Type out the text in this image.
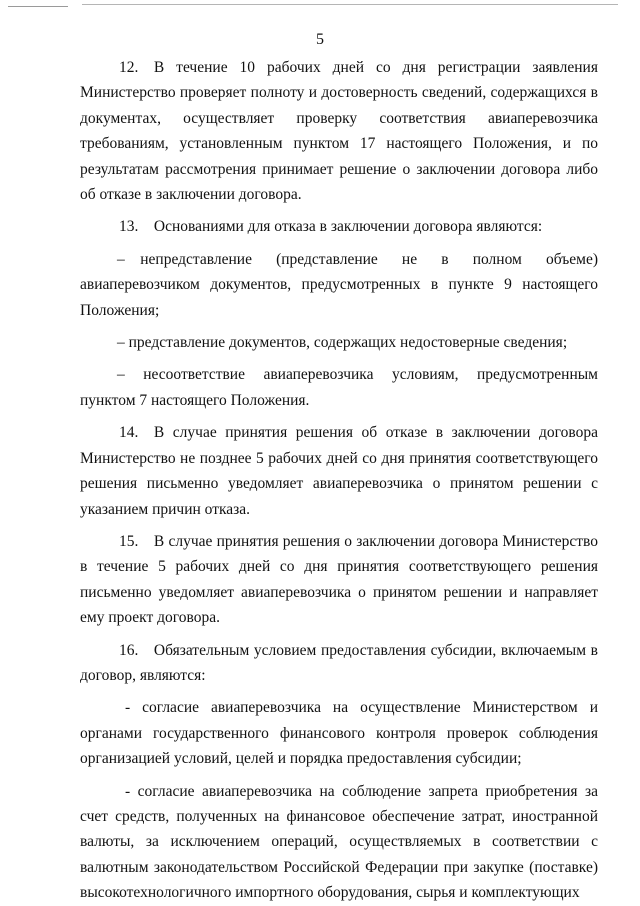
5

12. В течение 10 рабочих дней со дня регистрации заявления Министерство проверяет полноту и достоверность сведений, содержащихся в документах, осуществляет проверку соответствия авиаперевозчика требованиям, установленным пунктом 17 настоящего Положения, и по результатам рассмотрения принимает решение о заключении договора либо об отказе в заключении договора.

13. Основаниями для отказа в заключении договора являются:

– непредставление (представление не в полном объеме) авиаперевозчиком документов, предусмотренных в пункте 9 настоящего Положения;

– представление документов, содержащих недостоверные сведения;

– несоответствие авиаперевозчика условиям, предусмотренным пунктом 7 настоящего Положения.

14. В случае принятия решения об отказе в заключении договора Министерство не позднее 5 рабочих дней со дня принятия соответствующего решения письменно уведомляет авиаперевозчика о принятом решении с указанием причин отказа.

15. В случае принятия решения о заключении договора Министерство в течение 5 рабочих дней со дня принятия соответствующего решения письменно уведомляет авиаперевозчика о принятом решении и направляет ему проект договора.

16. Обязательным условием предоставления субсидии, включаемым в договор, являются:

- согласие авиаперевозчика на осуществление Министерством и органами государственного финансового контроля проверок соблюдения организацией условий, целей и порядка предоставления субсидии;

- согласие авиаперевозчика на соблюдение запрета приобретения за счет средств, полученных на финансовое обеспечение затрат, иностранной валюты, за исключением операций, осуществляемых в соответствии с валютным законодательством Российской Федерации при закупке (поставке) высокотехнологичного импортного оборудования, сырья и комплектующих
